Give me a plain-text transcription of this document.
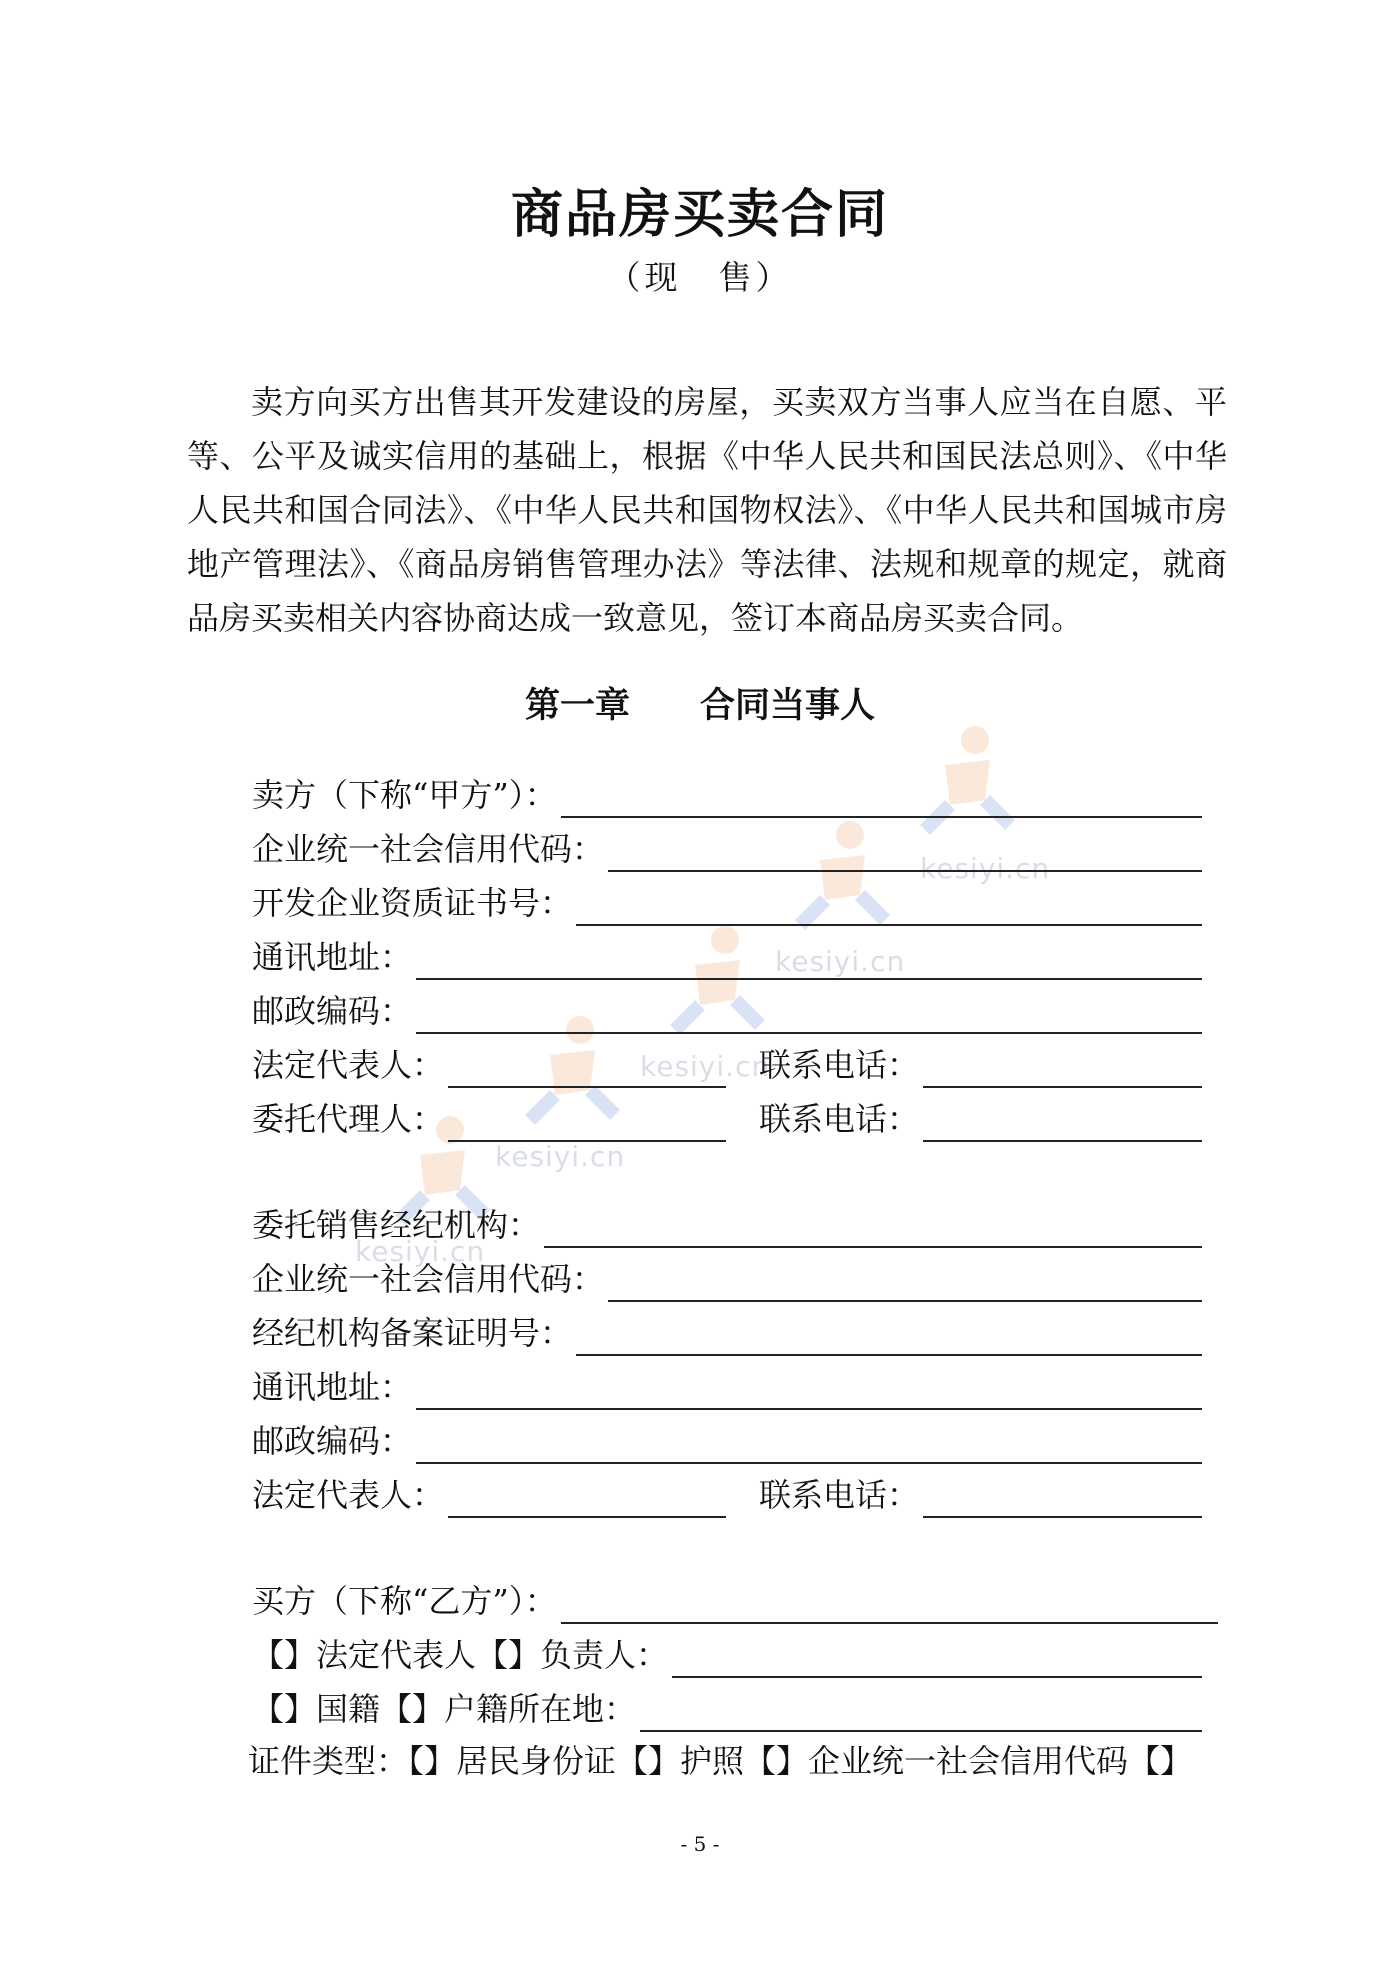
kesiyi.cn
kesiyi.cn
kesiyi.cn
kesiyi.cn
kesiyi.cn
商品房买卖合同
（现　售）
卖方向买方出售其开发建设的房屋，买卖双方当事人应当在自愿、平等、公平及诚实信用的基础上，根据《中华人民共和国民法总则》、《中华人民共和国合同法》、《中华人民共和国物权法》、《中华人民共和国城市房地产管理法》、《商品房销售管理办法》等法律、法规和规章的规定，就商品房买卖相关内容协商达成一致意见，签订本商品房买卖合同。
第一章　　合同当事人
卖方（下称“甲方”）：
企业统一社会信用代码：
开发企业资质证书号：
通讯地址：
邮政编码：
法定代表人：	联系电话：
委托代理人：	联系电话：
委托销售经纪机构：
企业统一社会信用代码：
经纪机构备案证明号：
通讯地址：
邮政编码：
法定代表人：	联系电话：
买方（下称“乙方”）：
【】法定代表人【】负责人：
【】国籍【】户籍所在地：
证件类型：【】居民身份证【】护照【】企业统一社会信用代码【】
- 5 -
